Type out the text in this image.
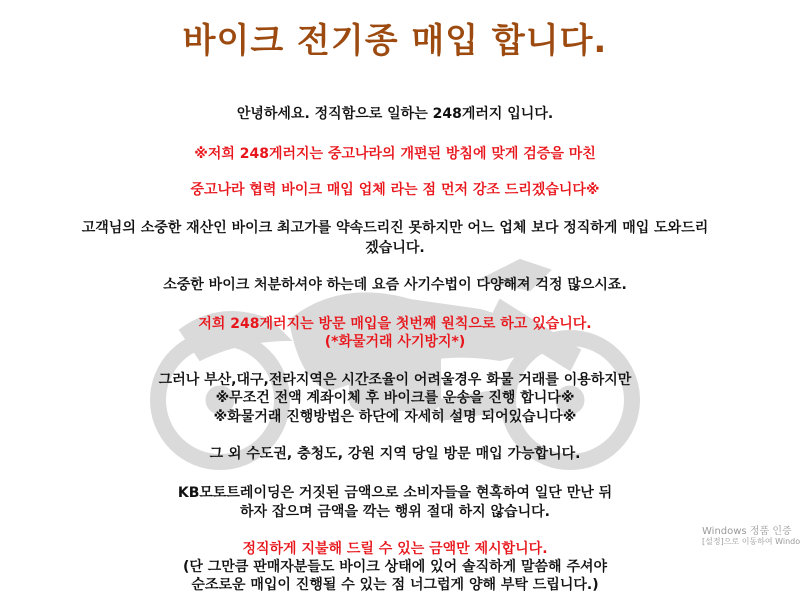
바이크 전기종 매입 합니다.

안녕하세요. 정직함으로 일하는 248게러지 입니다.

※저희 248게러지는 중고나라의 개편된 방침에 맞게 검증을 마친

중고나라 협력 바이크 매입 업체 라는 점 먼저 강조 드리겠습니다※

고객님의 소중한 재산인 바이크 최고가를 약속드리진 못하지만 어느 업체 보다 정직하게 매입 도와드리

겠습니다.

소중한 바이크 처분하셔야 하는데 요즘 사기수법이 다양해져 걱정 많으시죠.

저희 248게러지는 방문 매입을 첫번째 원칙으로 하고 있습니다.

(*화물거래 사기방지*)

그러나 부산,대구,전라지역은 시간조율이 어려울경우 화물 거래를 이용하지만

※무조건 전액 계좌이체 후 바이크를 운송을 진행 합니다※

※화물거래 진행방법은 하단에 자세히 설명 되어있습니다※

그 외 수도권, 충청도, 강원 지역 당일 방문 매입 가능합니다.

KB모토트레이딩은 거짓된 금액으로 소비자들을 현혹하여 일단 만난 뒤

하자 잡으며 금액을 깍는 행위 절대 하지 않습니다.

정직하게 지불해 드릴 수 있는 금액만 제시합니다.

(단 그만큼 판매자분들도 바이크 상태에 있어 솔직하게 말씀해 주셔야

순조로운 매입이 진행될 수 있는 점 너그럽게 양해 부탁 드립니다.)

Windows 정품 인증
[설정]으로 이동하여 Windo
